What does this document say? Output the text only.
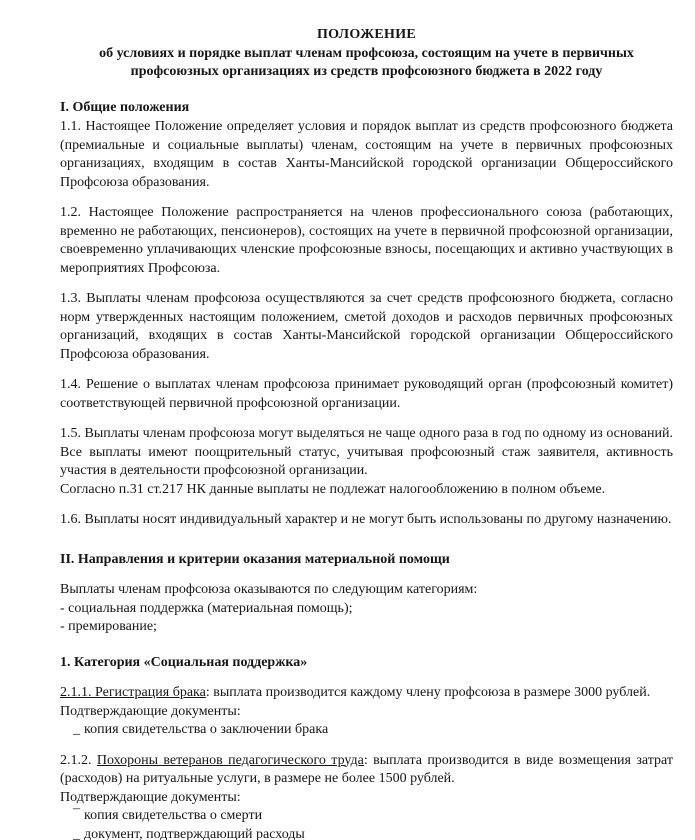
ПОЛОЖЕНИЕ
об условиях и порядке выплат членам профсоюза, состоящим на учете в первичных профсоюзных организациях из средств профсоюзного бюджета в 2022 году
I. Общие положения

1.1. Настоящее Положение определяет условия и порядок выплат из средств профсоюзного бюджета (премиальные и социальные выплаты) членам, состоящим на учете в первичных профсоюзных организациях, входящим в состав Ханты-Мансийской городской организации Общероссийского Профсоюза образования.

1.2. Настоящее Положение распространяется на членов профессионального союза (работающих, временно не работающих, пенсионеров), состоящих на учете в первичной профсоюзной организации, своевременно уплачивающих членские профсоюзные взносы, посещающих и активно участвующих в мероприятиях Профсоюза.

1.3. Выплаты членам профсоюза осуществляются за счет средств профсоюзного бюджета, согласно норм утвержденных настоящим положением, сметой доходов и расходов первичных профсоюзных организаций, входящих в состав Ханты-Мансийской городской организации Общероссийского Профсоюза образования.

1.4. Решение о выплатах членам профсоюза принимает руководящий орган (профсоюзный комитет) соответствующей первичной профсоюзной организации.

1.5. Выплаты членам профсоюза могут выделяться не чаще одного раза в год по одному из оснований. Все выплаты имеют поощрительный статус, учитывая профсоюзный стаж заявителя, активность участия в деятельности профсоюзной организации.
Согласно п.31 ст.217 НК данные выплаты не подлежат налогообложению в полном объеме.

1.6. Выплаты носят индивидуальный характер и не могут быть использованы по другому назначению.

II. Направления и критерии оказания материальной помощи

Выплаты членам профсоюза оказываются по следующим категориям:
- социальная поддержка (материальная помощь);
- премирование;

1. Категория «Социальная поддержка»
2.1.1. Регистрация брака: выплата производится каждому члену профсоюза в размере 3000 рублей.
Подтверждающие документы:
_ копия свидетельства о заключении брака
2.1.2. Похороны ветеранов педагогического труда: выплата производится в виде возмещения затрат (расходов) на ритуальные услуги, в размере не более 1500 рублей.
Подтверждающие документы:
¯ копия свидетельства о смерти
_ документ, подтверждающий расходы
